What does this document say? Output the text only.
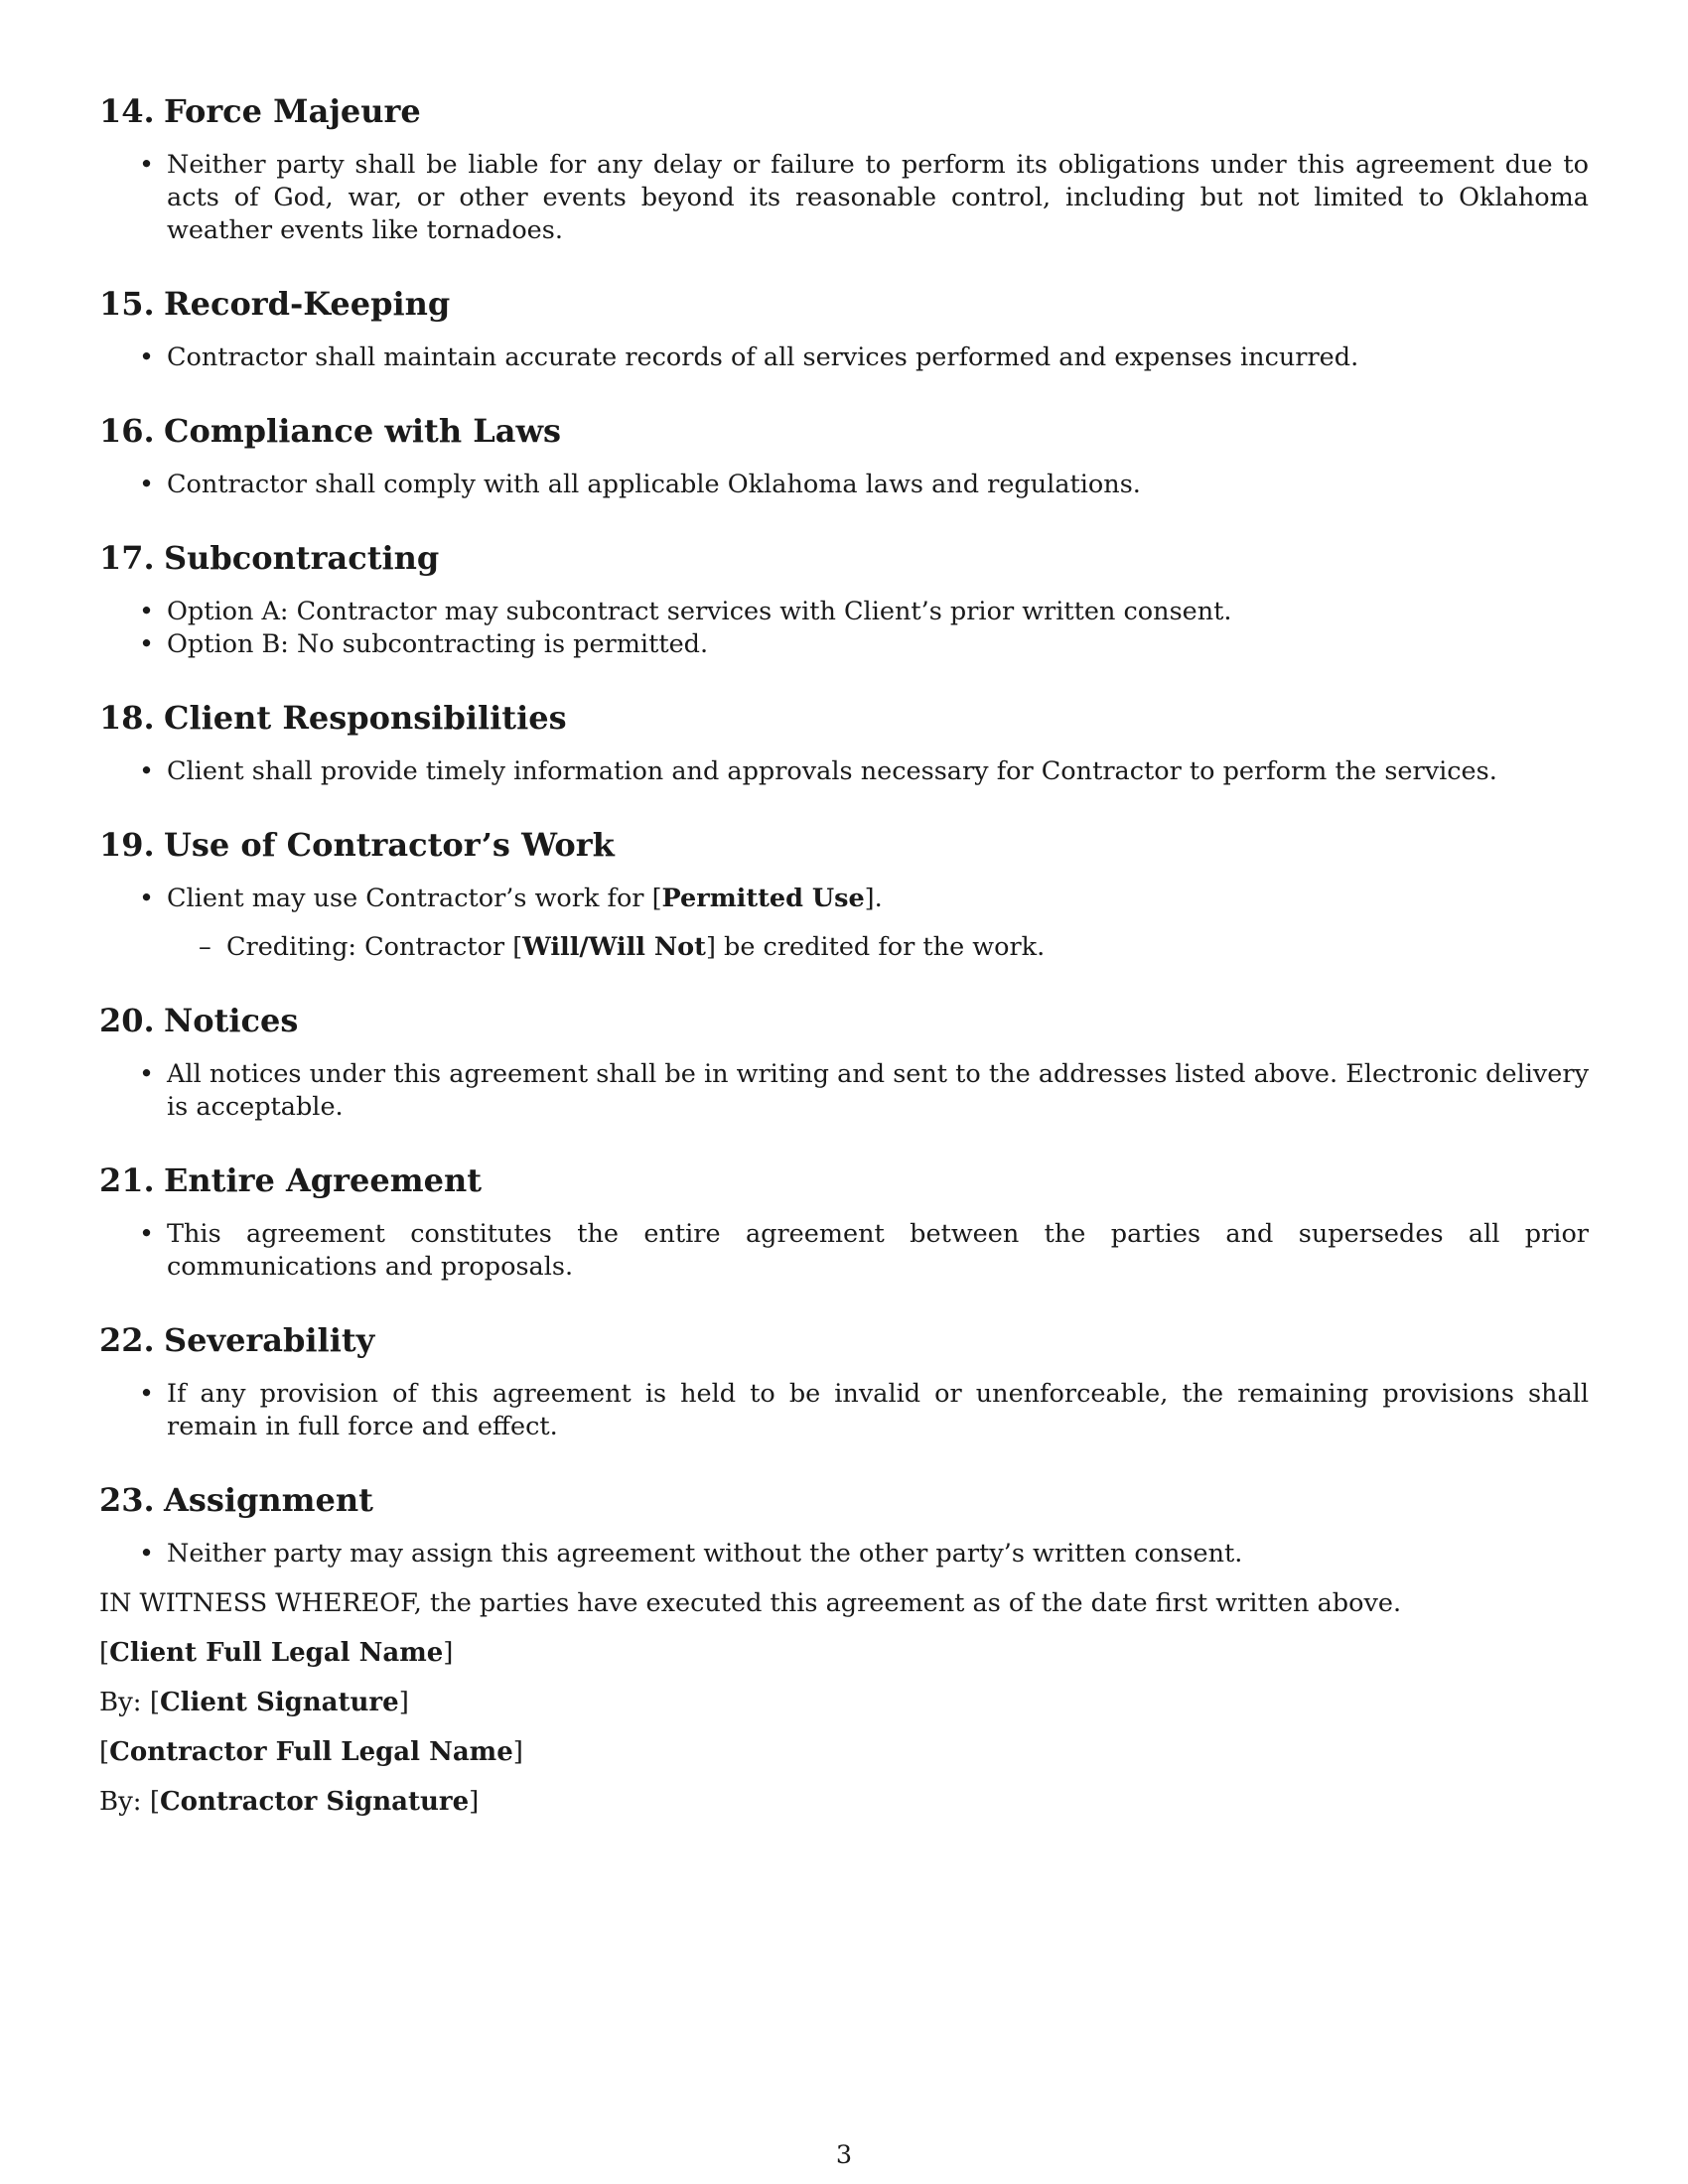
14. Force Majeure
• Neither party shall be liable for any delay or failure to perform its obligations under this agreement due to acts of God, war, or other events beyond its reasonable control, including but not limited to Oklahoma weather events like tornadoes.
15. Record-Keeping
• Contractor shall maintain accurate records of all services performed and expenses incurred.
16. Compliance with Laws
• Contractor shall comply with all applicable Oklahoma laws and regulations.
17. Subcontracting
• Option A: Contractor may subcontract services with Client’s prior written consent.
• Option B: No subcontracting is permitted.
18. Client Responsibilities
• Client shall provide timely information and approvals necessary for Contractor to perform the services.
19. Use of Contractor’s Work
• Client may use Contractor’s work for [Permitted Use].
– Crediting: Contractor [Will/Will Not] be credited for the work.
20. Notices
• All notices under this agreement shall be in writing and sent to the addresses listed above. Electronic delivery is acceptable.
21. Entire Agreement
• This agreement constitutes the entire agreement between the parties and supersedes all prior communications and proposals.
22. Severability
• If any provision of this agreement is held to be invalid or unenforceable, the remaining provisions shall remain in full force and effect.
23. Assignment
• Neither party may assign this agreement without the other party’s written consent.

IN WITNESS WHEREOF, the parties have executed this agreement as of the date first written above.

[Client Full Legal Name]

By: [Client Signature]

[Contractor Full Legal Name]

By: [Contractor Signature]

3
